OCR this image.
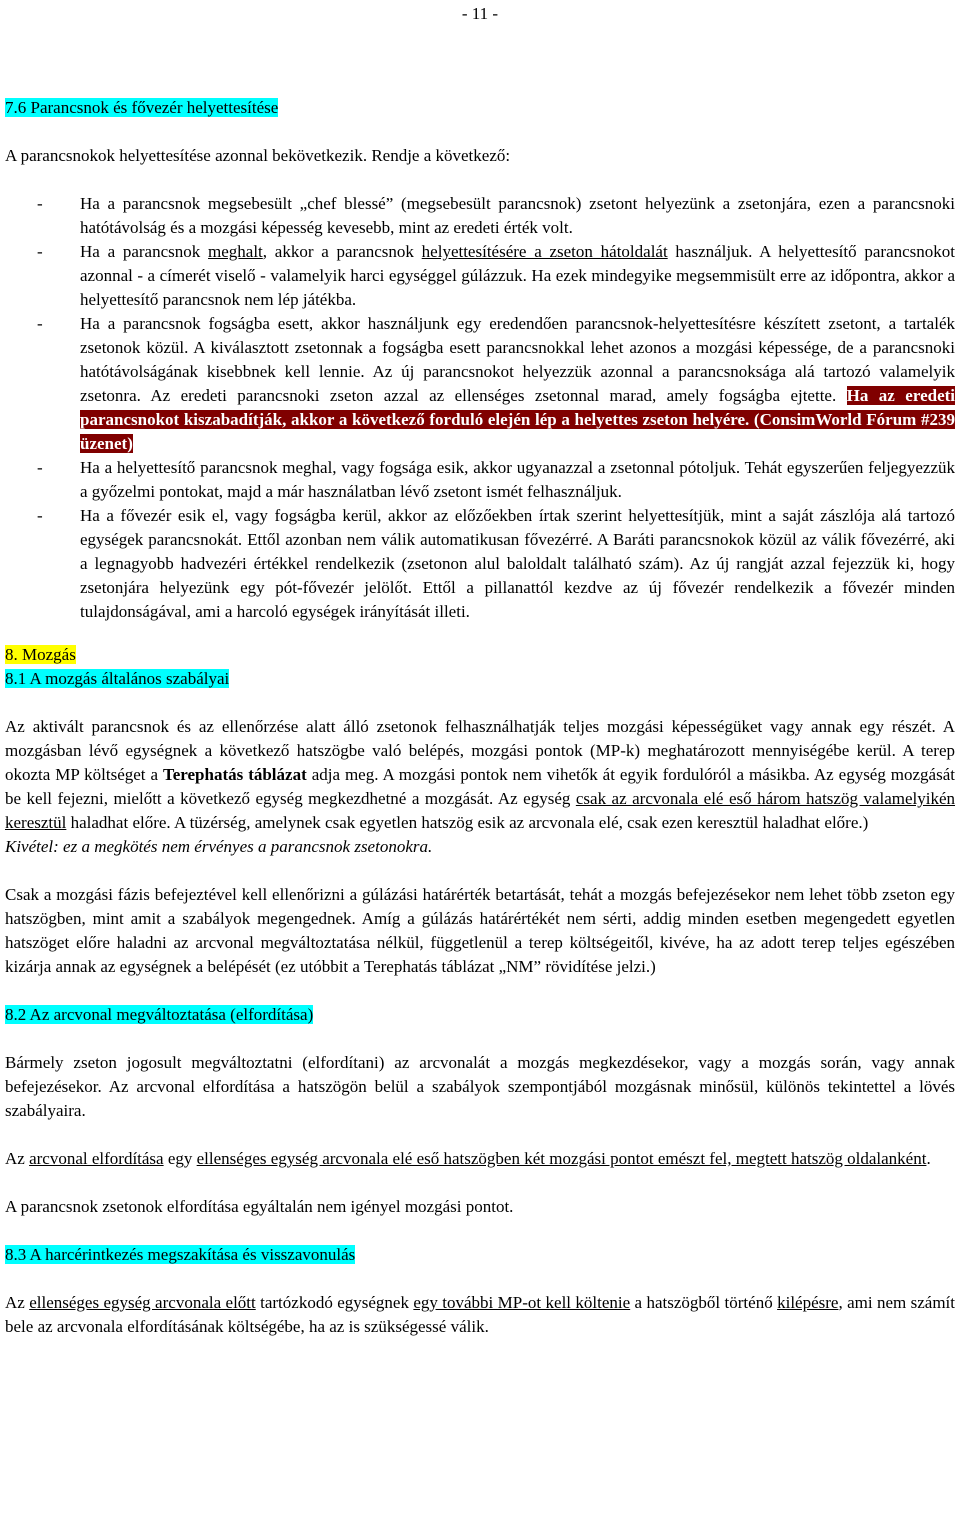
- 11 -

7.6 Parancsnok és fővezér helyettesítése

A parancsnokok helyettesítése azonnal bekövetkezik. Rendje a következő:

- Ha a parancsnok megsebesült „chef blessé” (megsebesült parancsnok) zsetont helyezünk a zsetonjára, ezen a parancsnoki hatótávolság és a mozgási képesség kevesebb, mint az eredeti érték volt.
- Ha a parancsnok meghalt, akkor a parancsnok helyettesítésére a zseton hátoldalát használjuk. A helyettesítő parancsnokot azonnal - a címerét viselő - valamelyik harci egységgel gúlázzuk. Ha ezek mindegyike megsemmisült erre az időpontra, akkor a helyettesítő parancsnok nem lép játékba.
- Ha a parancsnok fogságba esett, akkor használjunk egy eredendően parancsnok-helyettesítésre készített zsetont, a tartalék zsetonok közül. A kiválasztott zsetonnak a fogságba esett parancsnokkal lehet azonos a mozgási képessége, de a parancsnoki hatótávolságának kisebbnek kell lennie. Az új parancsnokot helyezzük azonnal a parancsnoksága alá tartozó valamelyik zsetonra. Az eredeti parancsnoki zseton azzal az ellenséges zsetonnal marad, amely fogságba ejtette. Ha az eredeti parancsnokot kiszabadítják, akkor a következő forduló elején lép a helyettes zseton helyére. (ConsimWorld Fórum #239 üzenet)
- Ha a helyettesítő parancsnok meghal, vagy fogsága esik, akkor ugyanazzal a zsetonnal pótoljuk. Tehát egyszerűen feljegyezzük a győzelmi pontokat, majd a már használatban lévő zsetont ismét felhasználjuk.
- Ha a fővezér esik el, vagy fogságba kerül, akkor az előzőekben írtak szerint helyettesítjük, mint a saját zászlója alá tartozó egységek parancsnokát. Ettől azonban nem válik automatikusan fővezérré. A Baráti parancsnokok közül az válik fővezérré, aki a legnagyobb hadvezéri értékkel rendelkezik (zsetonon alul baloldalt található szám). Az új rangját azzal fejezzük ki, hogy zsetonjára helyezünk egy pót-fővezér jelölőt. Ettől a pillanattól kezdve az új fővezér rendelkezik a fővezér minden tulajdonságával, ami a harcoló egységek irányítását illeti.

8. Mozgás

8.1 A mozgás általános szabályai

Az aktivált parancsnok és az ellenőrzése alatt álló zsetonok felhasználhatják teljes mozgási képességüket vagy annak egy részét. A mozgásban lévő egységnek a következő hatszögbe való belépés, mozgási pontok (MP-k) meghatározott mennyiségébe kerül. A terep okozta MP költséget a Terephatás táblázat adja meg. A mozgási pontok nem vihetők át egyik fordulóról a másikba. Az egység mozgását be kell fejezni, mielőtt a következő egység megkezdhetné a mozgását. Az egység csak az arcvonala elé eső három hatszög valamelyikén keresztül haladhat előre. A tüzérség, amelynek csak egyetlen hatszög esik az arcvonala elé, csak ezen keresztül haladhat előre.)

Kivétel: ez a megkötés nem érvényes a parancsnok zsetonokra.

Csak a mozgási fázis befejeztével kell ellenőrizni a gúlázási határérték betartását, tehát a mozgás befejezésekor nem lehet több zseton egy hatszögben, mint amit a szabályok megengednek. Amíg a gúlázás határértékét nem sérti, addig minden esetben megengedett egyetlen hatszöget előre haladni az arcvonal megváltoztatása nélkül, függetlenül a terep költségeitől, kivéve, ha az adott terep teljes egészében kizárja annak az egységnek a belépését (ez utóbbit a Terephatás táblázat „NM” rövidítése jelzi.)

8.2 Az arcvonal megváltoztatása (elfordítása)

Bármely zseton jogosult megváltoztatni (elfordítani) az arcvonalát a mozgás megkezdésekor, vagy a mozgás során, vagy annak befejezésekor. Az arcvonal elfordítása a hatszögön belül a szabályok szempontjából mozgásnak minősül, különös tekintettel a lövés szabályaira.

Az arcvonal elfordítása egy ellenséges egység arcvonala elé eső hatszögben két mozgási pontot emészt fel, megtett hatszög oldalanként.

A parancsnok zsetonok elfordítása egyáltalán nem igényel mozgási pontot.

8.3 A harcérintkezés megszakítása és visszavonulás

Az ellenséges egység arcvonala előtt tartózkodó egységnek egy további MP-ot kell költenie a hatszögből történő kilépésre, ami nem számít bele az arcvonala elfordításának költségébe, ha az is szükségessé válik.
